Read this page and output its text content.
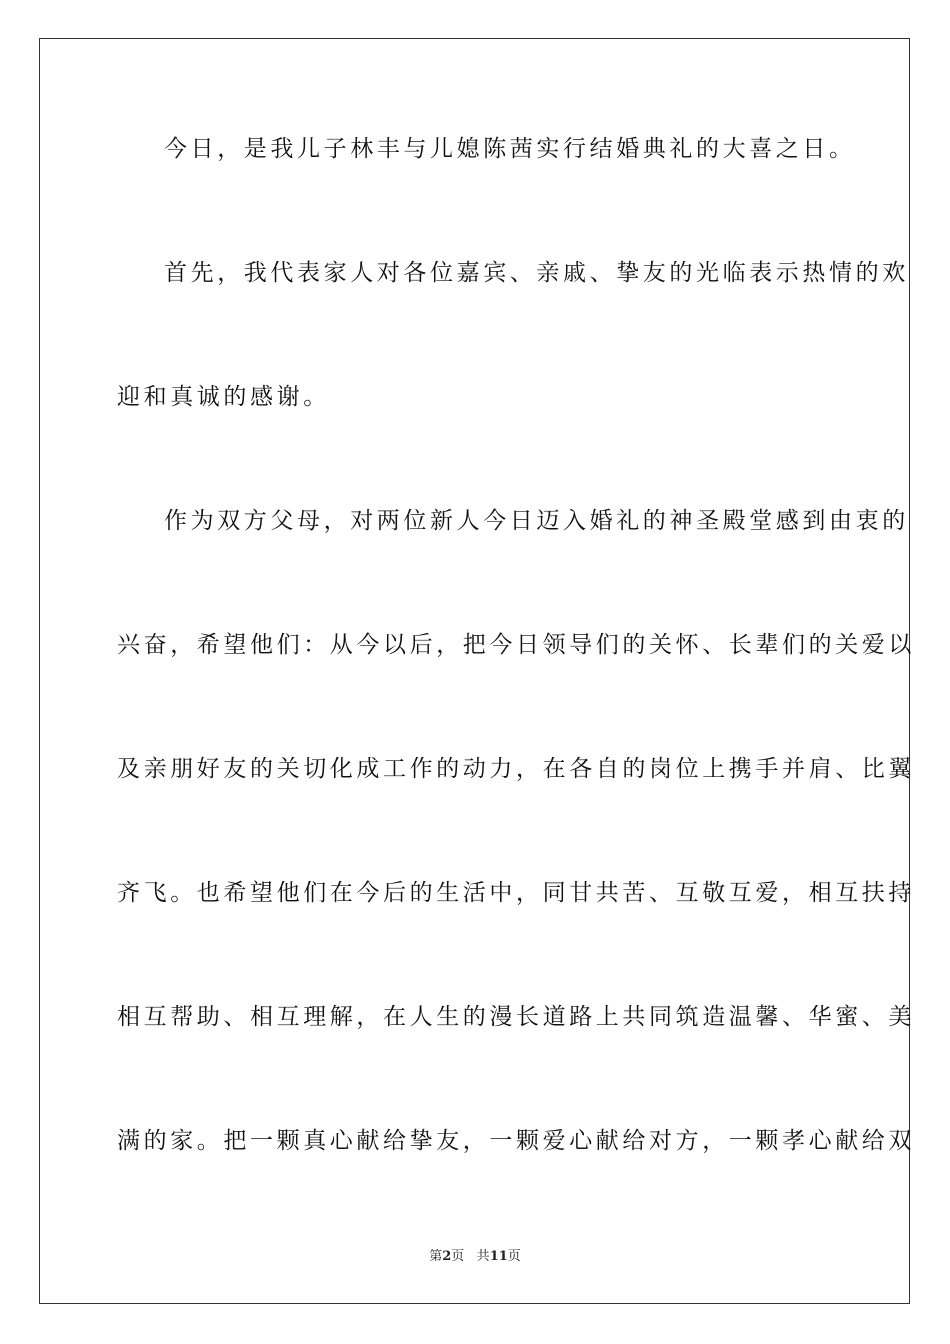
今日，是我儿子林丰与儿媳陈茜实行结婚典礼的大喜之日。
首先，我代表家人对各位嘉宾、亲戚、挚友的光临表示热情的欢
迎和真诚的感谢。
作为双方父母，对两位新人今日迈入婚礼的神圣殿堂感到由衷的
兴奋，希望他们：从今以后，把今日领导们的关怀、长辈们的关爱以
及亲朋好友的关切化成工作的动力，在各自的岗位上携手并肩、比翼
齐飞。也希望他们在今后的生活中，同甘共苦、互敬互爱，相互扶持
相互帮助、相互理解，在人生的漫长道路上共同筑造温馨、华蜜、美
满的家。把一颗真心献给挚友，一颗爱心献给对方，一颗孝心献给双
第2页 共11页
